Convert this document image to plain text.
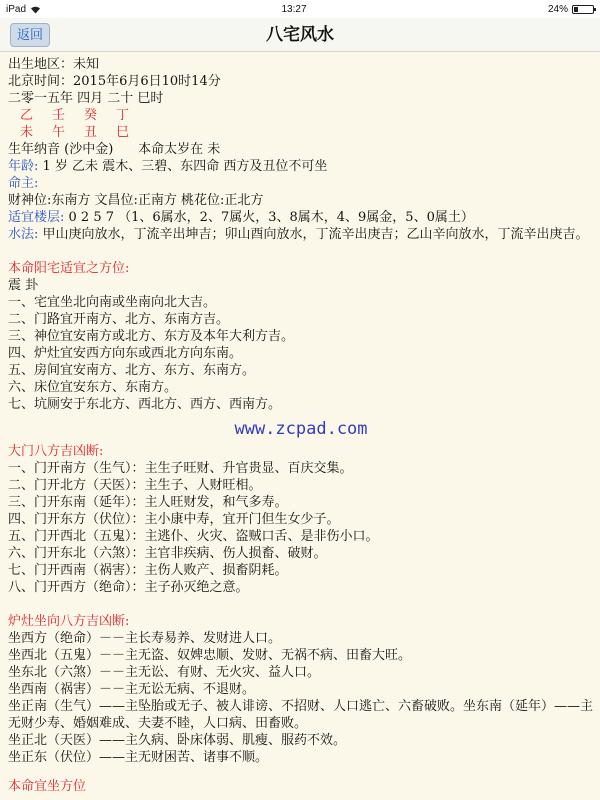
iPad	13:27	24%
返回	八宅风水

出生地区：未知

北京时间：2015年6月6日10时14分

二零一五年 四月 二十 巳时

乙 壬 癸 丁

未 午 丑 巳

生年纳音 (沙中金)      本命太岁在 未

年龄: 1 岁 乙未 震木、三碧、东四命 西方及丑位不可坐

命主:

财神位:东南方 文昌位:正南方 桃花位:正北方

适宜楼层: 0 2 5 7 （1、6属水，2、7属火，3、8属木，4、9属金，5、0属土）

水法: 甲山庚向放水，丁流辛出坤吉；卯山酉向放水，丁流辛出庚吉；乙山辛向放水，丁流辛出庚吉。

本命阳宅适宜之方位:

震 卦

一、宅宜坐北向南或坐南向北大吉。

二、门路宜开南方、北方、东南方吉。

三、神位宜安南方或北方、东方及本年大利方吉。

四、炉灶宜安西方向东或西北方向东南。

五、房间宜安南方、北方、东方、东南方。

六、床位宜安东方、东南方。

七、坑厕安于东北方、西北方、西方、西南方。

www.zcpad.com

大门八方吉凶断:

一、门开南方（生气）：主生子旺财、升官贵显、百庆交集。

二、门开北方（天医）：主生子、人财旺相。

三、门开东南（延年）：主人旺财发，和气多寿。

四、门开东方（伏位）：主小康中寿，宜开门但生女少子。

五、门开西北（五鬼）：主逃仆、火灾、盗贼口舌、是非伤小口。

六、门开东北（六煞）：主官非疾病、伤人损畜、破财。

七、门开西南（祸害）：主伤人败产、损畜阴耗。

八、门开西方（绝命）：主子孙灭绝之意。

炉灶坐向八方吉凶断:

坐西方（绝命）－－主长寿易养、发财进人口。

坐西北（五鬼）－－主无盗、奴婢忠顺、发财、无祸不病、田畜大旺。

坐东北（六煞）－－主无讼、有财、无火灾、益人口。

坐西南（祸害）－－主无讼无病、不退财。

坐正南（生气）——主坠胎或无子、被人诽谤、不招财、人口逃亡、六畜破败。坐东南（延年）——主无财少寿、婚姻难成、夫妻不睦，人口病、田畜败。

坐正北（天医）——主久病、卧床体弱、肌瘦、服药不效。

坐正东（伏位）——主无财困苦、诸事不顺。

本命宜坐方位
